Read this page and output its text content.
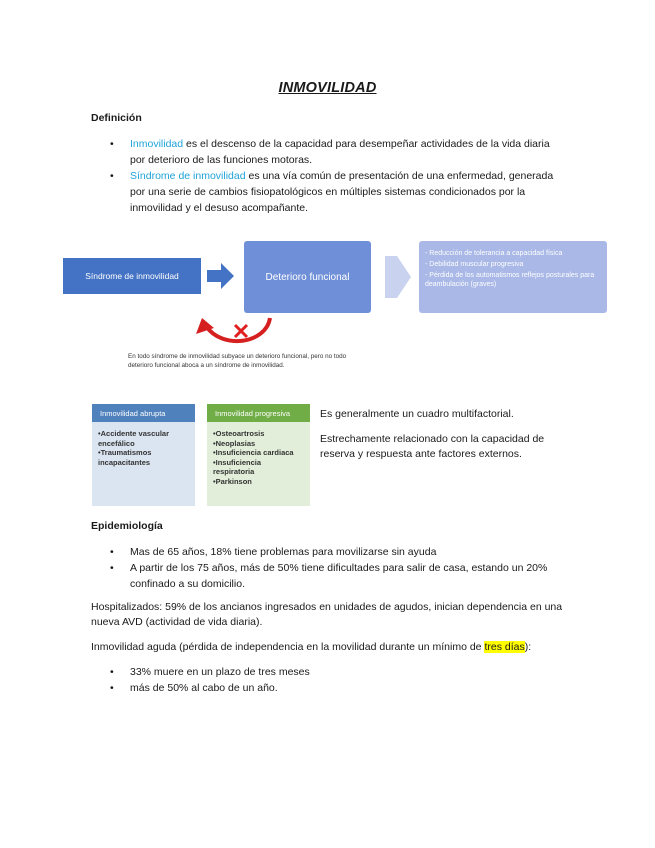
INMOVILIDAD
Definición
• Inmovilidad es el descenso de la capacidad para desempeñar actividades de la vida diaria por deterioro de las funciones motoras.
• Síndrome de inmovilidad es una vía común de presentación de una enfermedad, generada por una serie de cambios fisiopatológicos en múltiples sistemas condicionados por la inmovilidad y el desuso acompañante.
Síndrome de inmovilidad	Deterioro funcional
- Reducción de tolerancia a capacidad física
- Debilidad muscular progresiva
- Pérdida de los automatismos reflejos posturales para deambulación (graves)
En todo síndrome de inmovilidad subyace un deterioro funcional, pero no todo deterioro funcional aboca a un síndrome de inmovilidad.
Inmovilidad abrupta
•Accidente vascular encefálico
•Traumatismos incapacitantes
Inmovilidad progresiva
•Osteoartrosis
•Neoplasias
•Insuficiencia cardiaca
•Insuficiencia respiratoria
•Parkinson
Es generalmente un cuadro multifactorial.
Estrechamente relacionado con la capacidad de reserva y respuesta ante factores externos.
Epidemiología
• Mas de 65 años, 18% tiene problemas para movilizarse sin ayuda
• A partir de los 75 años, más de 50% tiene dificultades para salir de casa, estando un 20% confinado a su domicilio.
Hospitalizados: 59% de los ancianos ingresados en unidades de agudos, inician dependencia en una nueva AVD (actividad de vida diaria).
Inmovilidad aguda (pérdida de independencia en la movilidad durante un mínimo de tres días):
• 33% muere en un plazo de tres meses
• más de 50% al cabo de un año.
